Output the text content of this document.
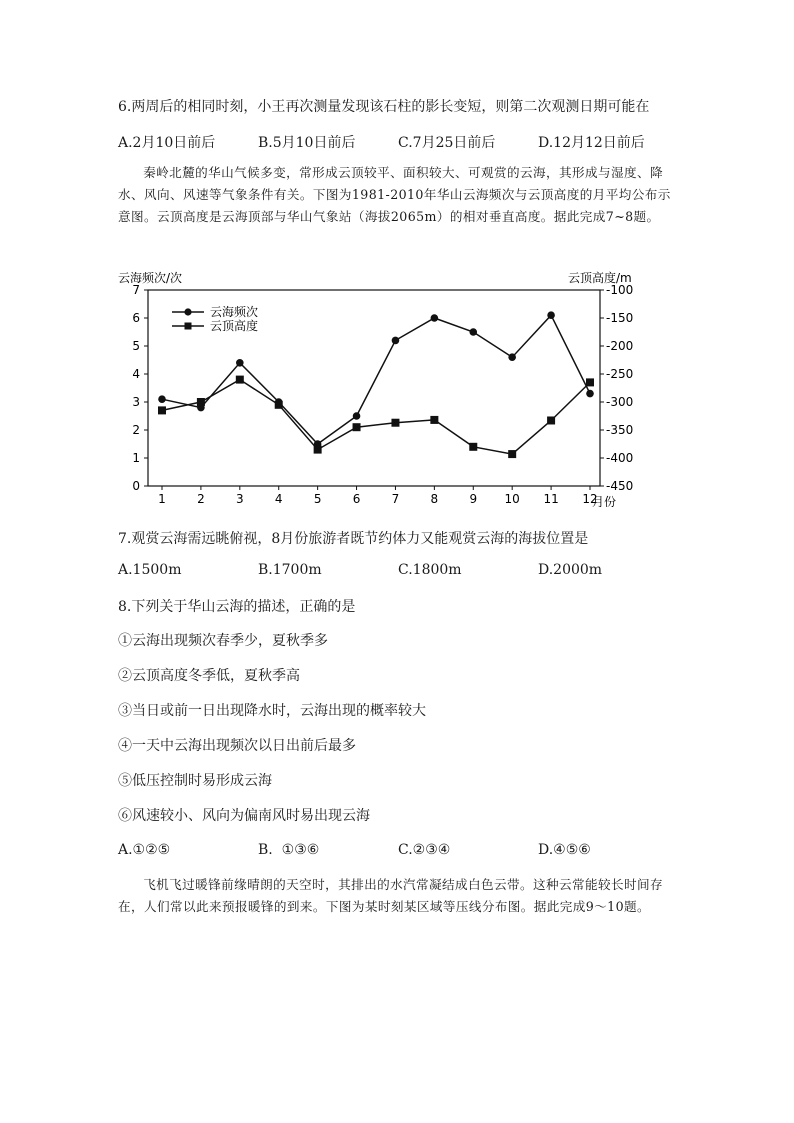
6.两周后的相同时刻，小王再次测量发现该石柱的影长变短，则第二次观测日期可能在
A.2月10日前后	B.5月10日前后	C.7月25日前后	D.12月12日前后
秦岭北麓的华山气候多变，常形成云顶较平、面积较大、可观赏的云海，其形成与湿度、降水、风向、风速等气象条件有关。下图为1981-2010年华山云海频次与云顶高度的月平均公布示意图。云顶高度是云海顶部与华山气象站（海拔2065m）的相对垂直高度。据此完成7~8题。
云海频次/次	云顶高度/m
0
1
2
3
4
5
6
7	-100
-150
-200
-250
-300
-350
-400
-450
1	2	3	4	5	6	7	8	9 10 11 12
月份
云海频次
云顶高度
7.观赏云海需远眺俯视，8月份旅游者既节约体力又能观赏云海的海拔位置是
A.1500m	B.1700m	C.1800m	D.2000m
8.下列关于华山云海的描述，正确的是
①云海出现频次春季少，夏秋季多
②云顶高度冬季低，夏秋季高
③当日或前一日出现降水时，云海出现的概率较大
④一天中云海出现频次以日出前后最多
⑤低压控制时易形成云海
⑥风速较小、风向为偏南风时易出现云海
A.①②⑤	B.  ①③⑥	C.②③④	D.④⑤⑥
飞机飞过暖锋前缘晴朗的天空时，其排出的水汽常凝结成白色云带。这种云常能较长时间存在，人们常以此来预报暖锋的到来。下图为某时刻某区域等压线分布图。据此完成9～10题。
